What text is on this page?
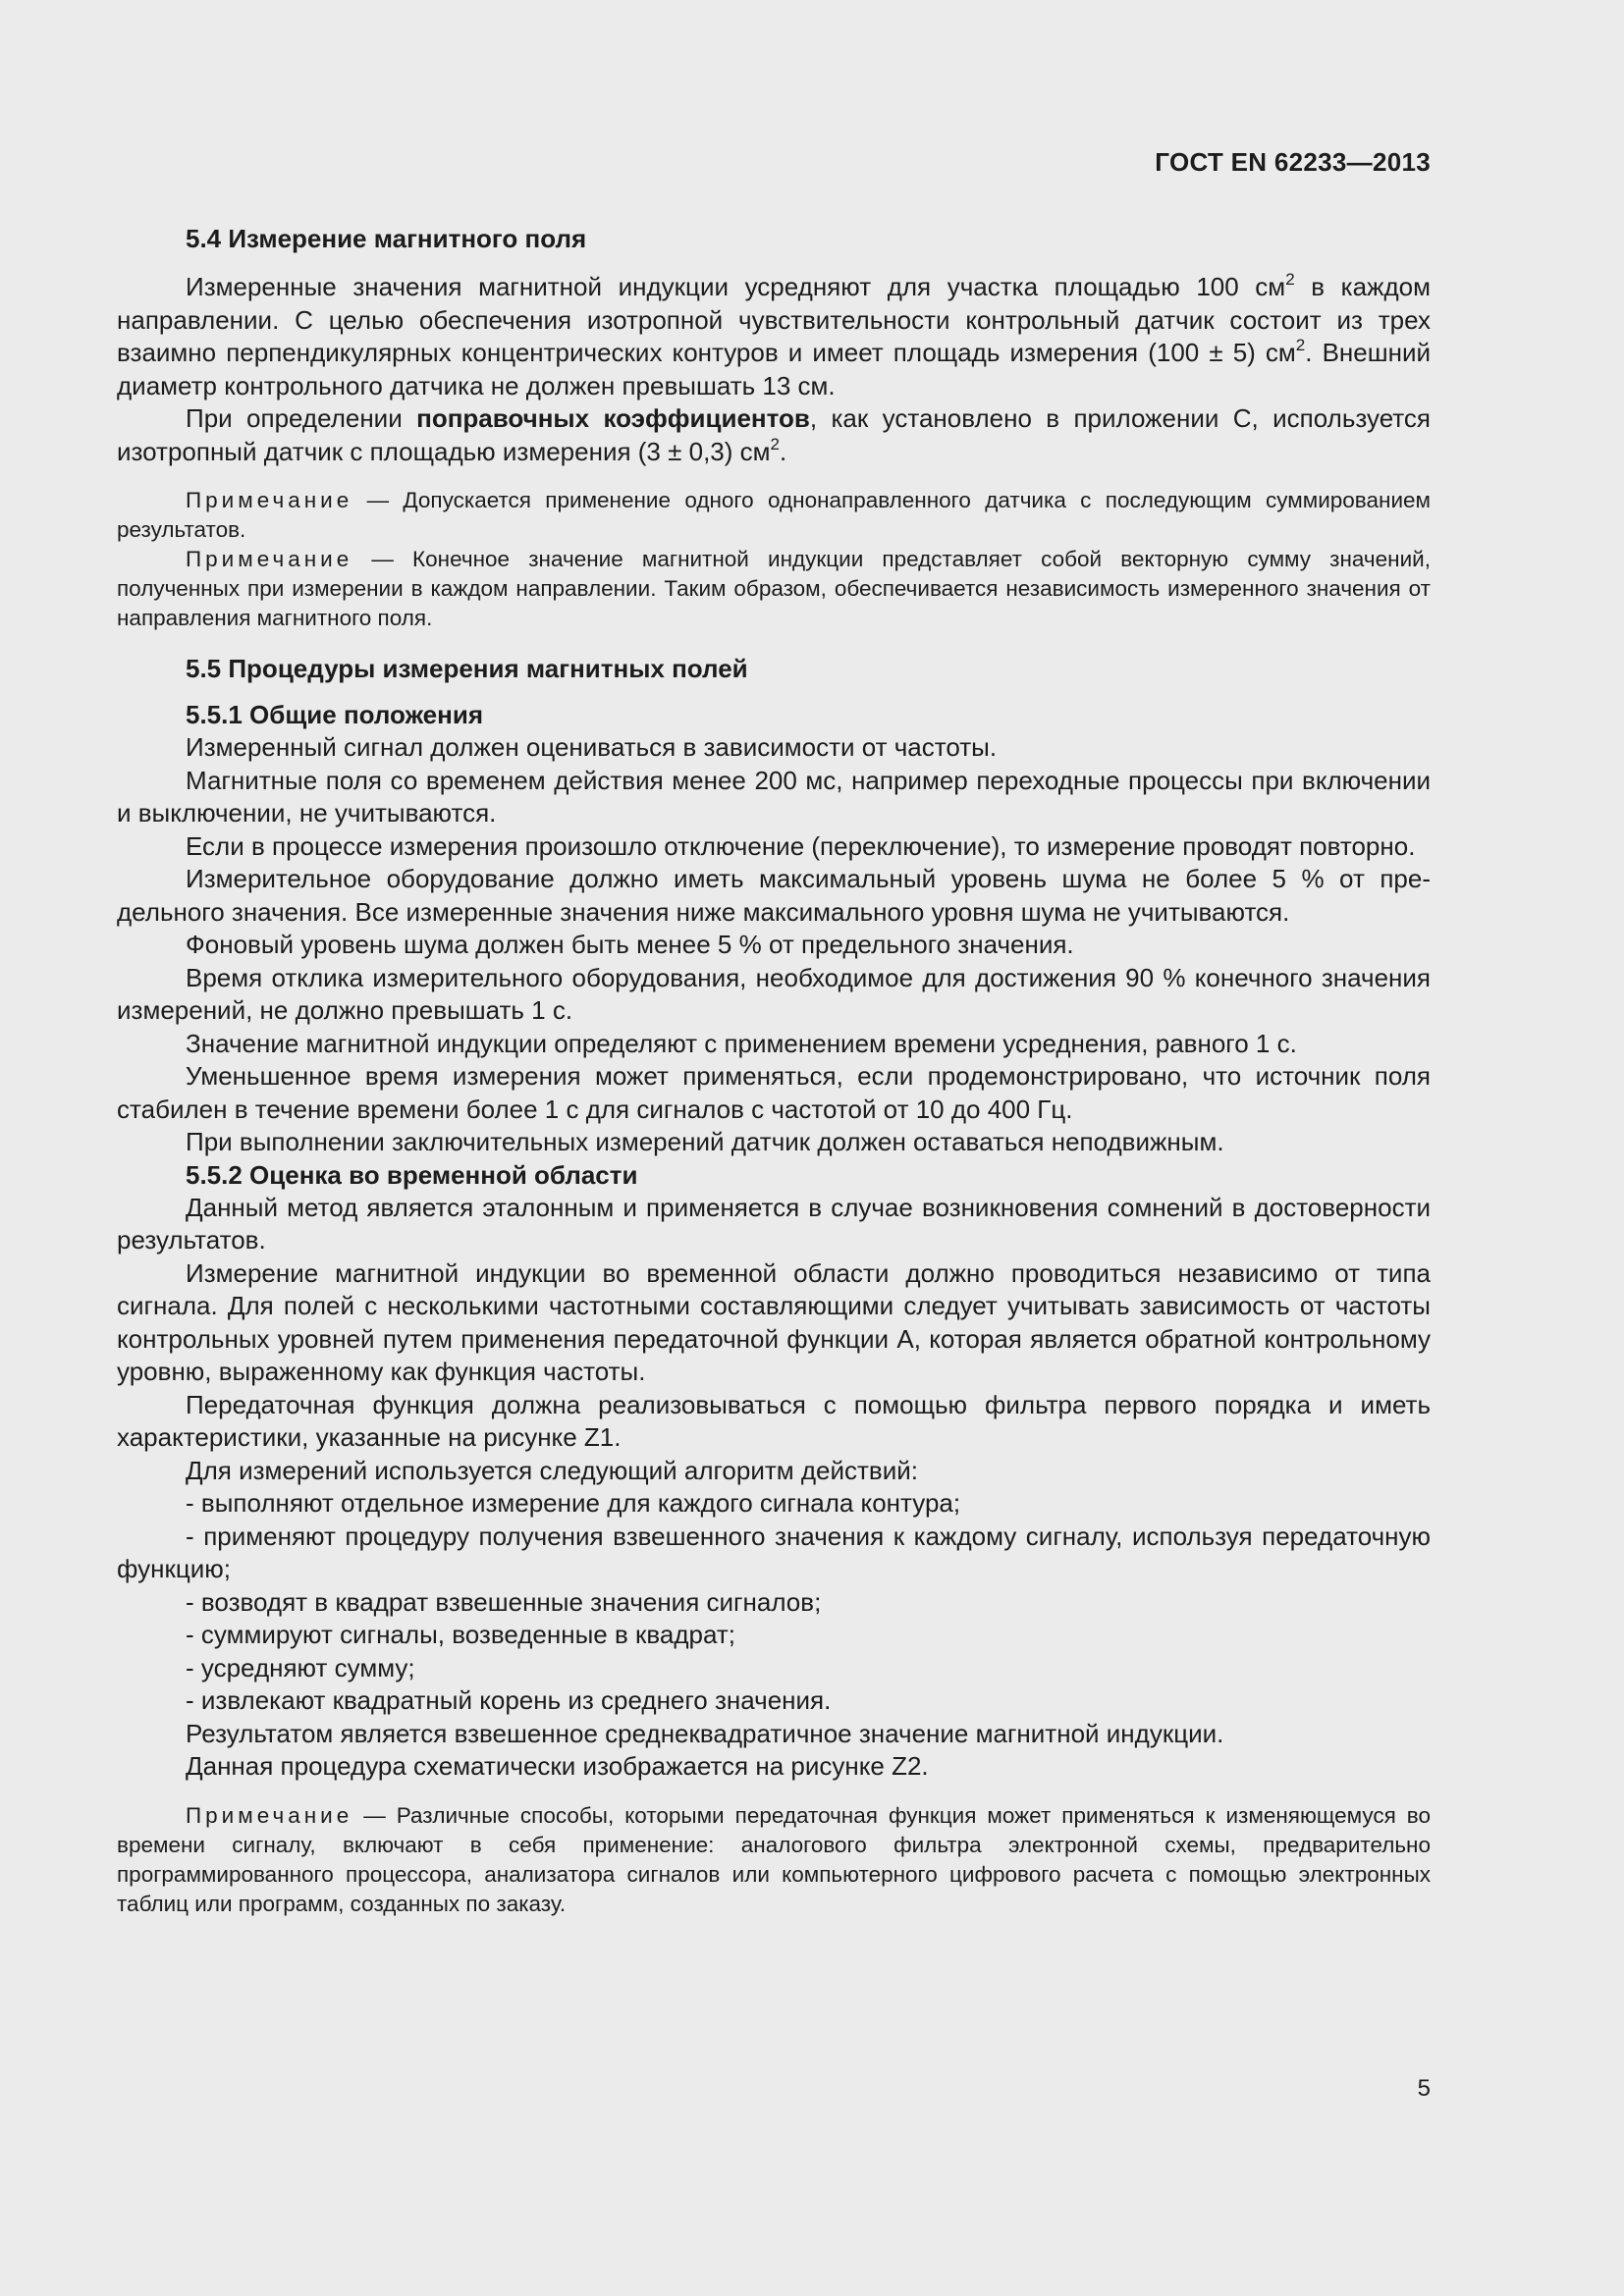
ГОСТ EN 62233—2013

5.4 Измерение магнитного поля

Измеренные значения магнитной индукции усредняют для участка площадью 100 $см^2$ в каждом направлении. С целью обеспечения изотропной чувствительности контрольный датчик состоит из трех взаимно перпендикулярных концентрических контуров и имеет площадь измерения (100 ± 5) $см^2$. Внешний диаметр контрольного датчика не должен превышать 13 см.

При определении поправочных коэффициентов, как установлено в приложении C, используется изотропный датчик с площадью измерения (3 ± 0,3) $см^2$.

Примечание — Допускается применение одного однонаправленного датчика с последующим суммированием результатов.

Примечание — Конечное значение магнитной индукции представляет собой векторную сумму значений, полученных при измерении в каждом направлении. Таким образом, обеспечивается независимость измеренного значения от направления магнитного поля.

5.5 Процедуры измерения магнитных полей

5.5.1 Общие положения

Измеренный сигнал должен оцениваться в зависимости от частоты.

Магнитные поля со временем действия менее 200 мс, например переходные процессы при включении и выключении, не учитываются.

Если в процессе измерения произошло отключение (переключение), то измерение проводят повторно.

Измерительное оборудование должно иметь максимальный уровень шума не более 5 % от предельного значения. Все измеренные значения ниже максимального уровня шума не учитываются.

Фоновый уровень шума должен быть менее 5 % от предельного значения.

Время отклика измерительного оборудования, необходимое для достижения 90 % конечного значения измерений, не должно превышать 1 с.

Значение магнитной индукции определяют с применением времени усреднения, равного 1 с.

Уменьшенное время измерения может применяться, если продемонстрировано, что источник поля стабилен в течение времени более 1 с для сигналов с частотой от 10 до 400 Гц.

При выполнении заключительных измерений датчик должен оставаться неподвижным.

5.5.2 Оценка во временной области

Данный метод является эталонным и применяется в случае возникновения сомнений в достоверности результатов.

Измерение магнитной индукции во временной области должно проводиться независимо от типа сигнала. Для полей с несколькими частотными составляющими следует учитывать зависимость от частоты контрольных уровней путем применения передаточной функции A, которая является обратной контрольному уровню, выраженному как функция частоты.

Передаточная функция должна реализовываться с помощью фильтра первого порядка и иметь характеристики, указанные на рисунке Z1.

Для измерений используется следующий алгоритм действий:

- выполняют отдельное измерение для каждого сигнала контура;

- применяют процедуру получения взвешенного значения к каждому сигналу, используя передаточную функцию;

- возводят в квадрат взвешенные значения сигналов;

- суммируют сигналы, возведенные в квадрат;

- усредняют сумму;

- извлекают квадратный корень из среднего значения.

Результатом является взвешенное среднеквадратичное значение магнитной индукции.

Данная процедура схематически изображается на рисунке Z2.

Примечание — Различные способы, которыми передаточная функция может применяться к изменяющемуся во времени сигналу, включают в себя применение: аналогового фильтра электронной схемы, предварительно программированного процессора, анализатора сигналов или компьютерного цифрового расчета с помощью электронных таблиц или программ, созданных по заказу.

5
